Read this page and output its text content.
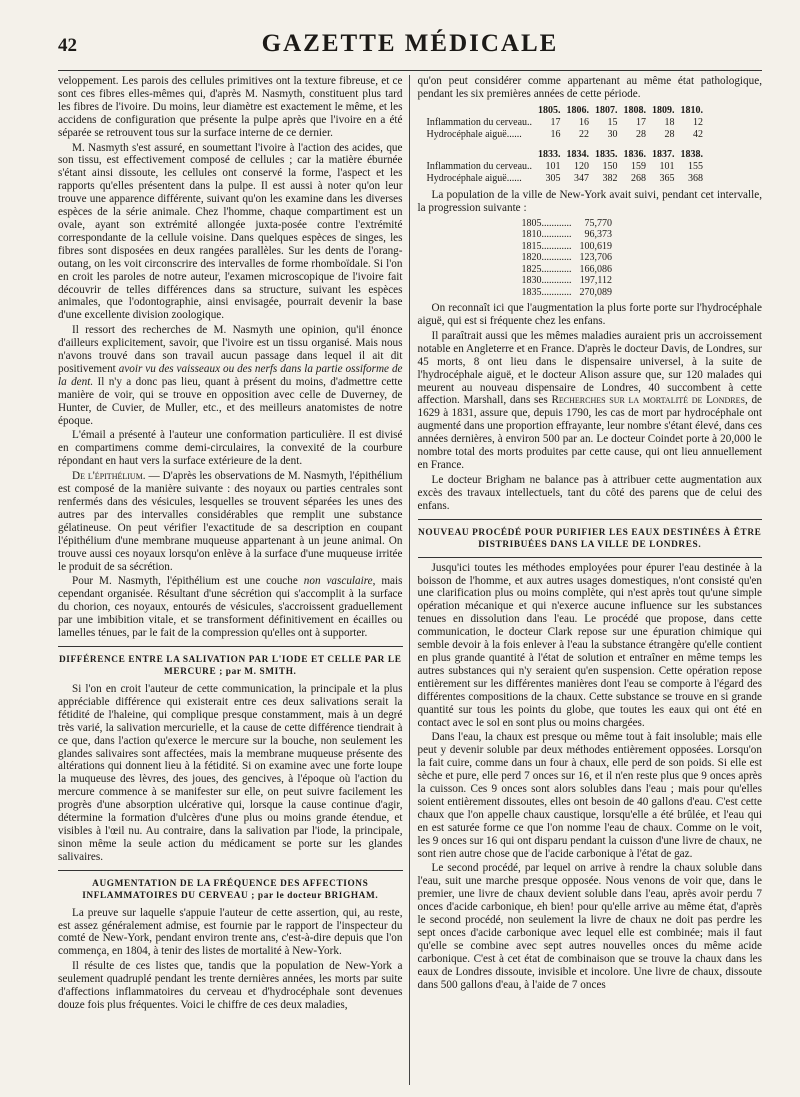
42	GAZETTE MÉDICALE

veloppement. Les parois des cellules primitives ont la texture fibreuse, et ce sont ces fibres elles-mêmes qui, d'après M. Nasmyth, constituent plus tard les fibres de l'ivoire. Du moins, leur diamètre est exactement le même, et les accidens de configuration que présente la pulpe après que l'ivoire en a été séparée se retrouvent tous sur la surface interne de ce dernier.

M. Nasmyth s'est assuré, en soumettant l'ivoire à l'action des acides, que son tissu, est effectivement composé de cellules ; car la matière éburnée s'étant ainsi dissoute, les cellules ont conservé la forme, l'aspect et les rapports qu'elles présentent dans la pulpe. Il est aussi à noter qu'on leur trouve une apparence différente, suivant qu'on les examine dans les diverses espèces de la série animale. Chez l'homme, chaque compartiment est un ovale, ayant son extrémité allongée juxta-posée contre l'extrémité correspondante de la cellule voisine. Dans quelques espèces de singes, les fibres sont disposées en deux rangées parallèles. Sur les dents de l'orang-outang, on les voit circonscrire des intervalles de forme rhomboïdale. Si l'on en croit les paroles de notre auteur, l'examen microscopique de l'ivoire fait découvrir de telles différences dans sa structure, suivant les espèces animales, que l'odontographie, ainsi envisagée, pourrait devenir la base d'une excellente division zoologique.

Il ressort des recherches de M. Nasmyth une opinion, qu'il énonce d'ailleurs explicitement, savoir, que l'ivoire est un tissu organisé. Mais nous n'avons trouvé dans son travail aucun passage dans lequel il ait dit positivement avoir vu des vaisseaux ou des nerfs dans la partie ossiforme de la dent. Il n'y a donc pas lieu, quant à présent du moins, d'admettre cette manière de voir, qui se trouve en opposition avec celle de Duverney, de Hunter, de Cuvier, de Muller, etc., et des meilleurs anatomistes de notre époque.

L'émail a présenté à l'auteur une conformation particulière. Il est divisé en compartimens comme demi-circulaires, la convexité de la courbure répondant en haut vers la surface extérieure de la dent.

De l'épithélium. — D'après les observations de M. Nasmyth, l'épithélium est composé de la manière suivante : des noyaux ou parties centrales sont renfermés dans des vésicules, lesquelles se trouvent séparées les unes des autres par des intervalles considérables que remplit une substance gélatineuse. On peut vérifier l'exactitude de sa description en coupant l'épithélium d'une membrane muqueuse appartenant à un jeune animal. On trouve aussi ces noyaux lorsqu'on enlève à la surface d'une muqueuse irritée le produit de sa sécrétion.

Pour M. Nasmyth, l'épithélium est une couche non vasculaire, mais cependant organisée. Résultant d'une sécrétion qui s'accomplit à la surface du chorion, ces noyaux, entourés de vésicules, s'accroissent graduellement par une imbibition vitale, et se transforment définitivement en écailles ou lamelles ténues, par le fait de la compression qu'elles ont à supporter.

DIFFÉRENCE ENTRE LA SALIVATION PAR L'IODE ET CELLE PAR LE MERCURE ; par M. SMITH.

Si l'on en croit l'auteur de cette communication, la principale et la plus appréciable différence qui existerait entre ces deux salivations serait la fétidité de l'haleine, qui complique presque constamment, mais à un degré très varié, la salivation mercurielle, et la cause de cette différence tiendrait à ce que, dans l'action qu'exerce le mercure sur la bouche, non seulement les glandes salivaires sont affectées, mais la membrane muqueuse présente des altérations qui donnent lieu à la fétidité. Si on examine avec une forte loupe la muqueuse des lèvres, des joues, des gencives, à l'époque où l'action du mercure commence à se manifester sur elle, on peut suivre facilement les progrès d'une absorption ulcérative qui, lorsque la cause continue d'agir, détermine la formation d'ulcères d'une plus ou moins grande étendue, et visibles à l'œil nu. Au contraire, dans la salivation par l'iode, la principale, sinon même la seule action du médicament se porte sur les glandes salivaires.

AUGMENTATION DE LA FRÉQUENCE DES AFFECTIONS INFLAMMATOIRES DU CERVEAU ; par le docteur BRIGHAM.

La preuve sur laquelle s'appuie l'auteur de cette assertion, qui, au reste, est assez généralement admise, est fournie par le rapport de l'inspecteur du comté de New-York, pendant environ trente ans, c'est-à-dire depuis que l'on commença, en 1804, à tenir des listes de mortalité à New-York.

Il résulte de ces listes que, tandis que la population de New-York a seulement quadruplé pendant les trente dernières années, les morts par suite d'affections inflammatoires du cerveau et d'hydrocéphale sont devenues douze fois plus fréquentes. Voici le chiffre de ces deux maladies,

qu'on peut considérer comme appartenant au même état pathologique, pendant les six premières années de cette période.

	1805.	1806.	1807.	1808.	1809.	1810.
Inflammation du cerveau..	17	16	15	17	18	12
Hydrocéphale aiguë......	16	22	30	28	28	42

	1833.	1834.	1835.	1836.	1837.	1838.
Inflammation du cerveau..	101	120	150	159	101	155
Hydrocéphale aiguë......	305	347	382	268	365	368

La population de la ville de New-York avait suivi, pendant cet intervalle, la progression suivante :

1805............	75,770
1810............	96,373
1815............	100,619
1820............	123,706
1825............	166,086
1830............	197,112
1835............	270,089

On reconnaît ici que l'augmentation la plus forte porte sur l'hydrocéphale aiguë, qui est si fréquente chez les enfans.

Il paraîtrait aussi que les mêmes maladies auraient pris un accroissement notable en Angleterre et en France. D'après le docteur Davis, de Londres, sur 45 morts, 8 ont lieu dans le dispensaire universel, à la suite de l'hydrocéphale aiguë, et le docteur Alison assure que, sur 120 malades qui meurent au nouveau dispensaire de Londres, 40 succombent à cette affection. Marshall, dans ses Recherches sur la mortalité de Londres, de 1629 à 1831, assure que, depuis 1790, les cas de mort par hydrocéphale ont augmenté dans une proportion effrayante, leur nombre s'étant élevé, dans ces années dernières, à environ 500 par an. Le docteur Coindet porte à 20,000 le nombre total des morts produites par cette cause, qui ont lieu annuellement en France.

Le docteur Brigham ne balance pas à attribuer cette augmentation aux excès des travaux intellectuels, tant du côté des parens que de celui des enfans.

NOUVEAU PROCÉDÉ POUR PURIFIER LES EAUX DESTINÉES À ÊTRE DISTRIBUÉES DANS LA VILLE DE LONDRES.

Jusqu'ici toutes les méthodes employées pour épurer l'eau destinée à la boisson de l'homme, et aux autres usages domestiques, n'ont consisté qu'en une clarification plus ou moins complète, qui n'est après tout qu'une simple opération mécanique et qui n'exerce aucune influence sur les substances tenues en dissolution dans l'eau. Le procédé que propose, dans cette communication, le docteur Clark repose sur une épuration chimique qui semble devoir à la fois enlever à l'eau la substance étrangère qu'elle contient en plus grande quantité à l'état de solution et entraîner en même temps les autres substances qui n'y seraient qu'en suspension. Cette opération repose entièrement sur les différentes manières dont l'eau se comporte à l'égard des différentes compositions de la chaux. Cette substance se trouve en si grande quantité sur tous les points du globe, que toutes les eaux qui ont été en contact avec le sol en sont plus ou moins chargées.

Dans l'eau, la chaux est presque ou même tout à fait insoluble; mais elle peut y devenir soluble par deux méthodes entièrement opposées. Lorsqu'on la fait cuire, comme dans un four à chaux, elle perd de son poids. Si elle est sèche et pure, elle perd 7 onces sur 16, et il n'en reste plus que 9 onces après la cuisson. Ces 9 onces sont alors solubles dans l'eau ; mais pour qu'elles soient entièrement dissoutes, elles ont besoin de 40 gallons d'eau. C'est cette chaux que l'on appelle chaux caustique, lorsqu'elle a été brûlée, et l'eau qui en est saturée forme ce que l'on nomme l'eau de chaux. Comme on le voit, les 9 onces sur 16 qui ont disparu pendant la cuisson d'une livre de chaux, ne sont rien autre chose que de l'acide carbonique à l'état de gaz.

Le second procédé, par lequel on arrive à rendre la chaux soluble dans l'eau, suit une marche presque opposée. Nous venons de voir que, dans le premier, une livre de chaux devient soluble dans l'eau, après avoir perdu 7 onces d'acide carbonique, eh bien! pour qu'elle arrive au même état, d'après le second procédé, non seulement la livre de chaux ne doit pas perdre les sept onces d'acide carbonique avec lequel elle est combinée; mais il faut qu'elle se combine avec sept autres nouvelles onces du même acide carbonique. C'est à cet état de combinaison que se trouve la chaux dans les eaux de Londres dissoute, invisible et incolore. Une livre de chaux, dissoute dans 500 gallons d'eau, à l'aide de 7 onces
